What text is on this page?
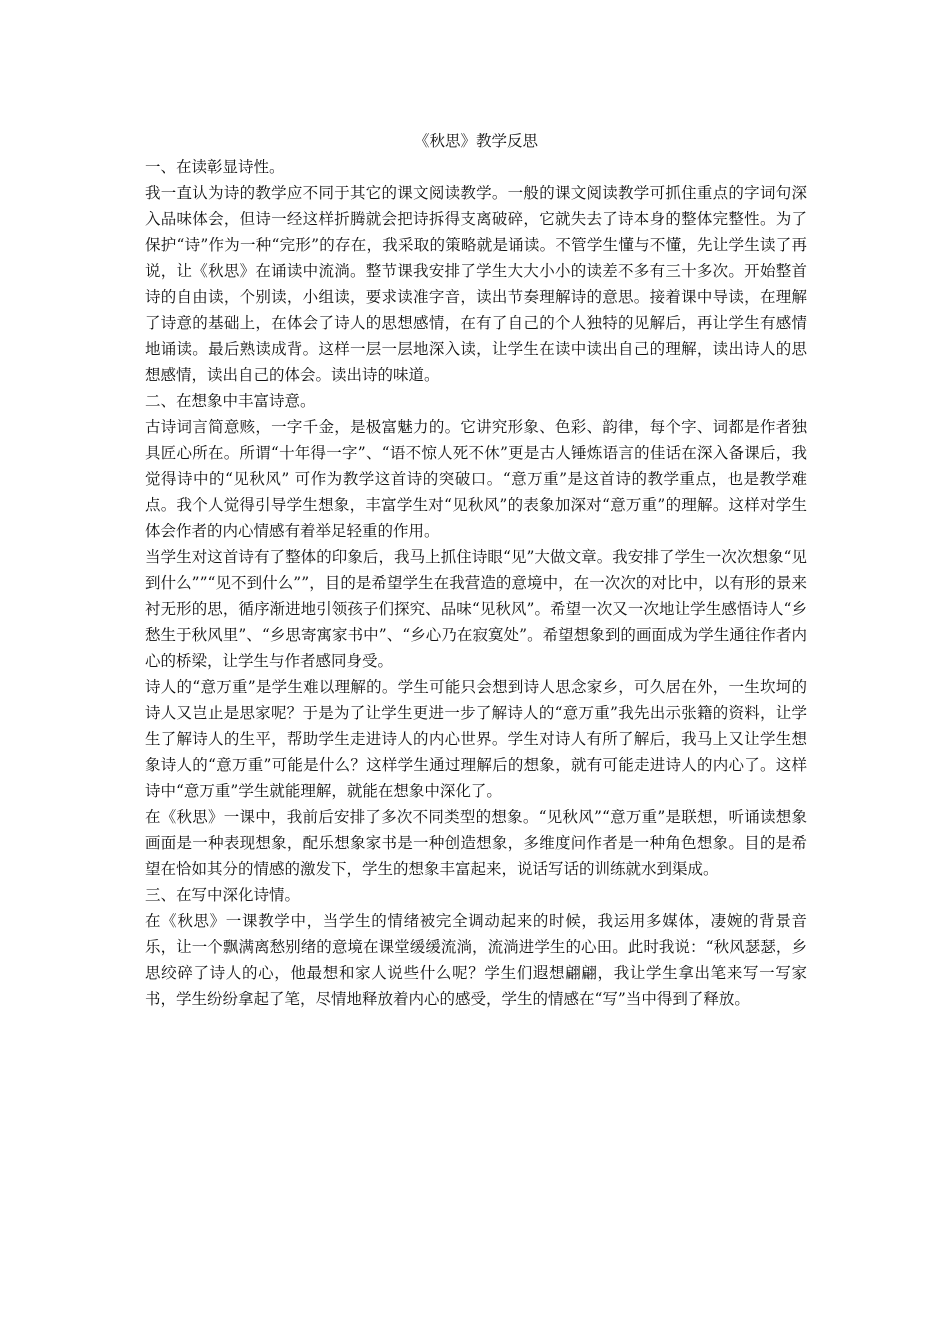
《秋思》教学反思

一、在读彰显诗性。

我一直认为诗的教学应不同于其它的课文阅读教学。一般的课文阅读教学可抓住重点的字词句深入品味体会，但诗一经这样折腾就会把诗拆得支离破碎，它就失去了诗本身的整体完整性。为了保护“诗”作为一种“完形”的存在，我采取的策略就是诵读。不管学生懂与不懂，先让学生读了再说，让《秋思》在诵读中流淌。整节课我安排了学生大大小小的读差不多有三十多次。开始整首诗的自由读，个别读，小组读，要求读准字音，读出节奏理解诗的意思。接着课中导读，在理解了诗意的基础上，在体会了诗人的思想感情，在有了自己的个人独特的见解后，再让学生有感情地诵读。最后熟读成背。这样一层一层地深入读，让学生在读中读出自己的理解，读出诗人的思想感情，读出自己的体会。读出诗的味道。

二、在想象中丰富诗意。

古诗词言简意赅，一字千金，是极富魅力的。它讲究形象、色彩、韵律，每个字、词都是作者独具匠心所在。所谓“十年得一字”、“语不惊人死不休”更是古人锤炼语言的佳话在深入备课后，我觉得诗中的“见秋风” 可作为教学这首诗的突破口。“意万重”是这首诗的教学重点，也是教学难点。我个人觉得引导学生想象，丰富学生对“见秋风”的表象加深对“意万重”的理解。这样对学生体会作者的内心情感有着举足轻重的作用。

当学生对这首诗有了整体的印象后，我马上抓住诗眼“见”大做文章。我安排了学生一次次想象“见到什么””“见不到什么””，目的是希望学生在我营造的意境中，在一次次的对比中，以有形的景来衬无形的思，循序渐进地引领孩子们探究、品味“见秋风”。希望一次又一次地让学生感悟诗人“乡愁生于秋风里”、“乡思寄寓家书中”、“乡心乃在寂寞处”。希望想象到的画面成为学生通往作者内心的桥梁，让学生与作者感同身受。

诗人的“意万重”是学生难以理解的。学生可能只会想到诗人思念家乡，可久居在外，一生坎坷的诗人又岂止是思家呢？于是为了让学生更进一步了解诗人的“意万重”我先出示张籍的资料，让学生了解诗人的生平，帮助学生走进诗人的内心世界。学生对诗人有所了解后，我马上又让学生想象诗人的“意万重”可能是什么？这样学生通过理解后的想象，就有可能走进诗人的内心了。这样诗中“意万重”学生就能理解，就能在想象中深化了。

在《秋思》一课中，我前后安排了多次不同类型的想象。“见秋风”“意万重”是联想，听诵读想象画面是一种表现想象，配乐想象家书是一种创造想象，多维度问作者是一种角色想象。目的是希望在恰如其分的情感的激发下，学生的想象丰富起来，说话写话的训练就水到渠成。

三、在写中深化诗情。

在《秋思》一课教学中，当学生的情绪被完全调动起来的时候，我运用多媒体，凄婉的背景音乐，让一个飘满离愁别绪的意境在课堂缓缓流淌，流淌进学生的心田。此时我说：“秋风瑟瑟，乡思绞碎了诗人的心，他最想和家人说些什么呢？学生们遐想翩翩，我让学生拿出笔来写一写家书，学生纷纷拿起了笔，尽情地释放着内心的感受，学生的情感在“写”当中得到了释放。
